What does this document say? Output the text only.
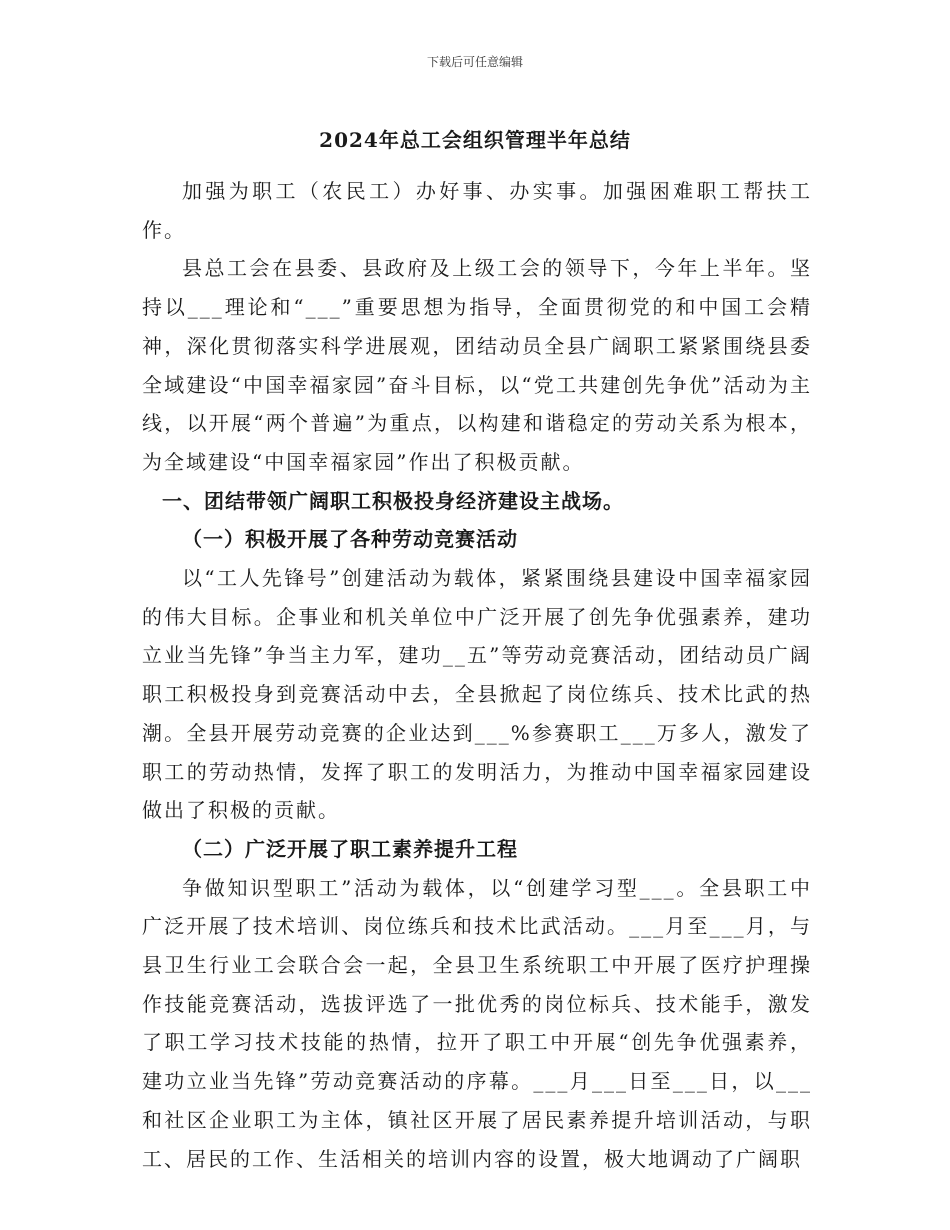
下载后可任意编辑
2024年总工会组织管理半年总结

加强为职工（农民工）办好事、办实事。加强困难职工帮扶工作。

县总工会在县委、县政府及上级工会的领导下，今年上半年。坚持以___理论和“___”重要思想为指导，全面贯彻党的和中国工会精神，深化贯彻落实科学进展观，团结动员全县广阔职工紧紧围绕县委全域建设“中国幸福家园”奋斗目标，以“党工共建创先争优”活动为主线，以开展“两个普遍”为重点，以构建和谐稳定的劳动关系为根本，为全域建设“中国幸福家园”作出了积极贡献。

一、团结带领广阔职工积极投身经济建设主战场。

（一）积极开展了各种劳动竞赛活动

以“工人先锋号”创建活动为载体，紧紧围绕县建设中国幸福家园的伟大目标。企事业和机关单位中广泛开展了创先争优强素养，建功立业当先锋”争当主力军，建功__五”等劳动竞赛活动，团结动员广阔职工积极投身到竞赛活动中去，全县掀起了岗位练兵、技术比武的热潮。全县开展劳动竞赛的企业达到___%参赛职工___万多人，激发了职工的劳动热情，发挥了职工的发明活力，为推动中国幸福家园建设做出了积极的贡献。

（二）广泛开展了职工素养提升工程

争做知识型职工”活动为载体，以“创建学习型___。全县职工中广泛开展了技术培训、岗位练兵和技术比武活动。___月至___月，与县卫生行业工会联合会一起，全县卫生系统职工中开展了医疗护理操作技能竞赛活动，选拔评选了一批优秀的岗位标兵、技术能手，激发了职工学习技术技能的热情，拉开了职工中开展“创先争优强素养，建功立业当先锋”劳动竞赛活动的序幕。___月___日至___日，以___和社区企业职工为主体，镇社区开展了居民素养提升培训活动，与职工、居民的工作、生活相关的培训内容的设置，极大地调动了广阔职
